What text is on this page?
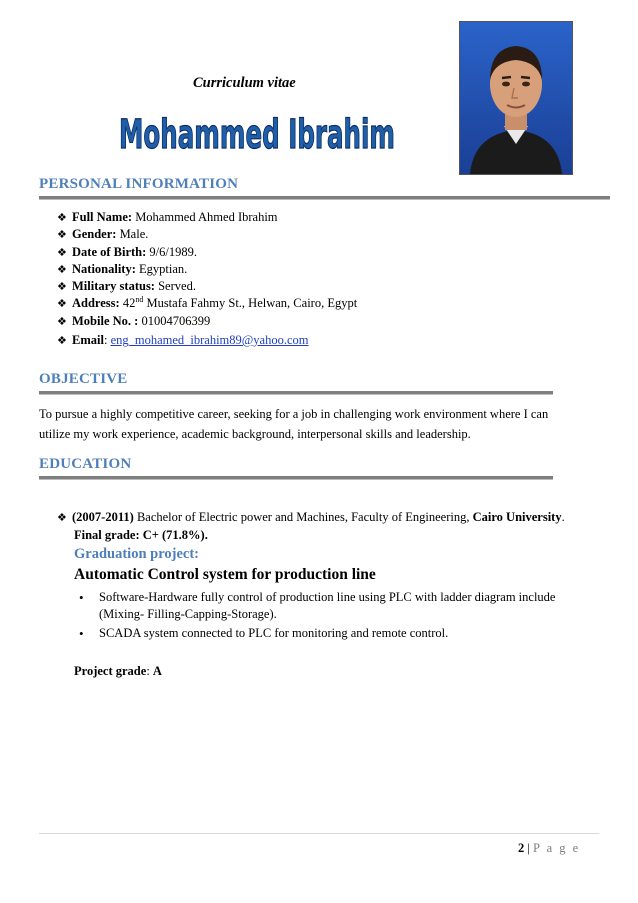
Curriculum vitae
Mohammed Ibrahim
PERSONAL INFORMATION
❖ Full Name: Mohammed Ahmed Ibrahim
❖ Gender: Male.
❖ Date of Birth: 9/6/1989.
❖ Nationality: Egyptian.
❖ Military status: Served.
❖ Address: 42nd Mustafa Fahmy St., Helwan, Cairo, Egypt
❖ Mobile No. : 01004706399
❖ Email: eng_mohamed_ibrahim89@yahoo.com
OBJECTIVE
To pursue a highly competitive career, seeking for a job in challenging work environment where I can
utilize my work experience, academic background, interpersonal skills and leadership.
EDUCATION
❖ (2007-2011) Bachelor of Electric power and Machines, Faculty of Engineering, Cairo University.
Final grade: C+ (71.8%).
Graduation project:
Automatic Control system for production line
• Software-Hardware fully control of production line using PLC with ladder diagram include
(Mixing- Filling-Capping-Storage).
• SCADA system connected to PLC for monitoring and remote control.
Project grade: A
2 | P a g e
